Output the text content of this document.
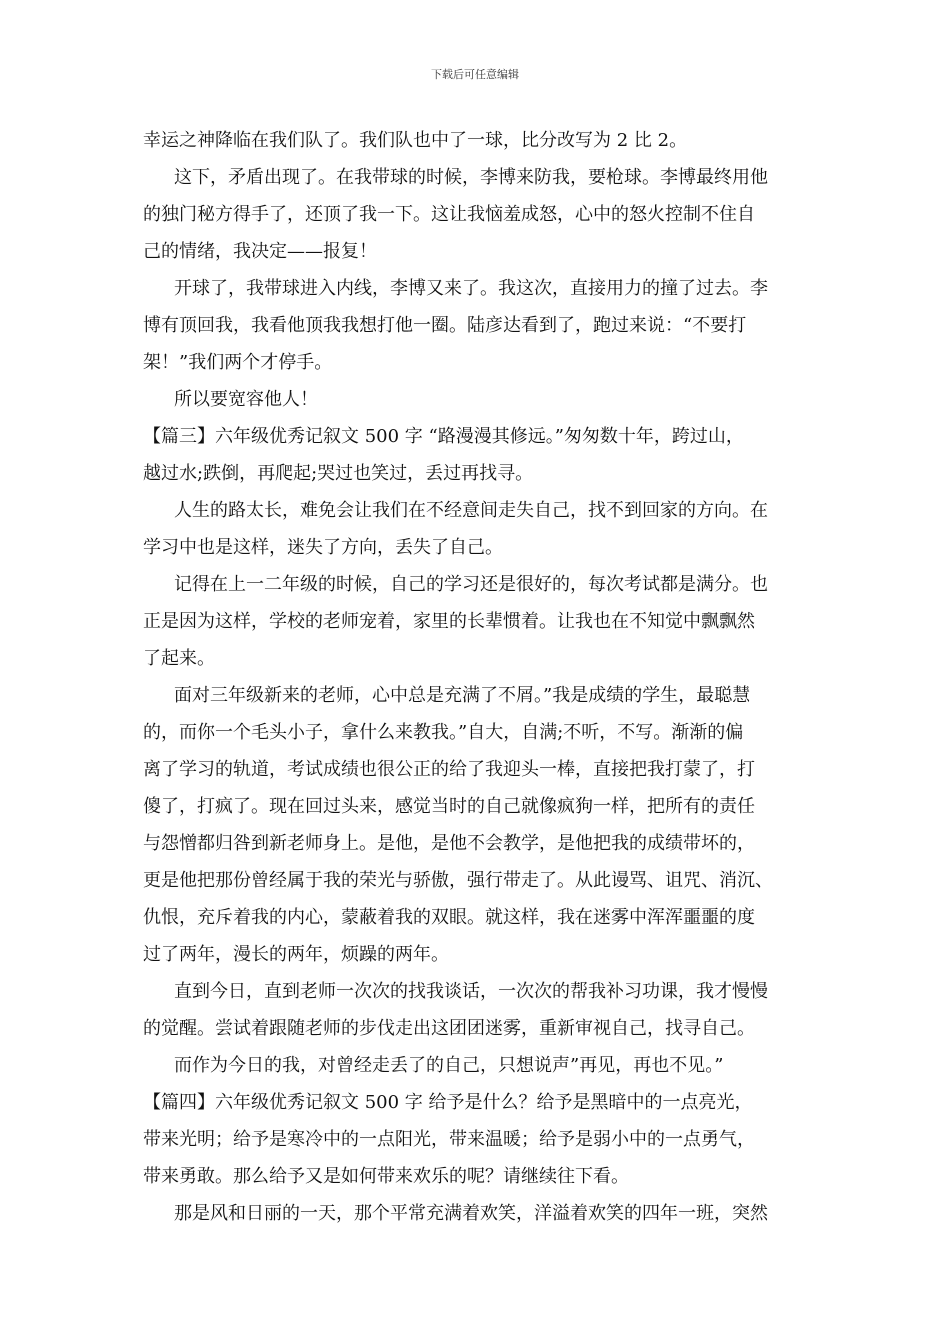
下载后可任意编辑
幸运之神降临在我们队了。我们队也中了一球，比分改写为 2 比 2。
这下，矛盾出现了。在我带球的时候，李博来防我，要枪球。李博最终用他
的独门秘方得手了，还顶了我一下。这让我恼羞成怒，心中的怒火控制不住自
己的情绪，我决定——报复！
开球了，我带球进入内线，李博又来了。我这次，直接用力的撞了过去。李
博有顶回我，我看他顶我我想打他一圈。陆彦达看到了，跑过来说：“不要打
架！”我们两个才停手。
所以要宽容他人！
【篇三】六年级优秀记叙文 500 字 “路漫漫其修远。”匆匆数十年，跨过山，
越过水;跌倒，再爬起;哭过也笑过，丢过再找寻。
人生的路太长，难免会让我们在不经意间走失自己，找不到回家的方向。在
学习中也是这样，迷失了方向，丢失了自己。
记得在上一二年级的时候，自己的学习还是很好的，每次考试都是满分。也
正是因为这样，学校的老师宠着，家里的长辈惯着。让我也在不知觉中飘飘然
了起来。
面对三年级新来的老师，心中总是充满了不屑。”我是成绩的学生，最聪慧
的，而你一个毛头小子，拿什么来教我。”自大，自满;不听，不写。渐渐的偏
离了学习的轨道，考试成绩也很公正的给了我迎头一棒，直接把我打蒙了，打
傻了，打疯了。现在回过头来，感觉当时的自己就像疯狗一样，把所有的责任
与怨憎都归咎到新老师身上。是他，是他不会教学，是他把我的成绩带坏的，
更是他把那份曾经属于我的荣光与骄傲，强行带走了。从此谩骂、诅咒、消沉、
仇恨，充斥着我的内心，蒙蔽着我的双眼。就这样，我在迷雾中浑浑噩噩的度
过了两年，漫长的两年，烦躁的两年。
直到今日，直到老师一次次的找我谈话，一次次的帮我补习功课，我才慢慢
的觉醒。尝试着跟随老师的步伐走出这团团迷雾，重新审视自己，找寻自己。
而作为今日的我，对曾经走丢了的自己，只想说声”再见，再也不见。”
【篇四】六年级优秀记叙文 500 字 给予是什么？给予是黑暗中的一点亮光，
带来光明；给予是寒冷中的一点阳光，带来温暖；给予是弱小中的一点勇气，
带来勇敢。那么给予又是如何带来欢乐的呢？请继续往下看。
那是风和日丽的一天，那个平常充满着欢笑，洋溢着欢笑的四年一班，突然
